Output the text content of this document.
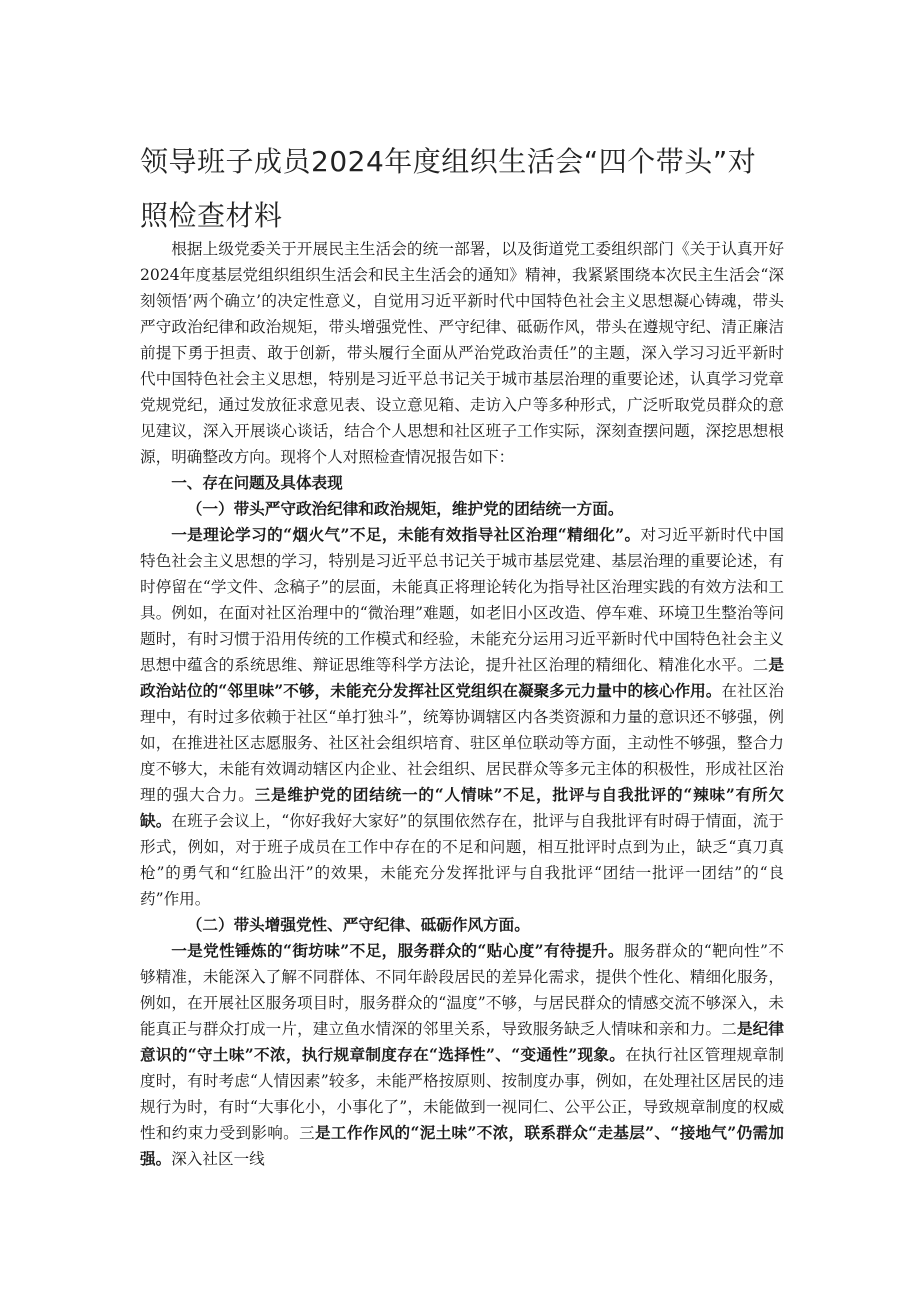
领导班子成员2024年度组织生活会“四个带头”对
照检查材料

根据上级党委关于开展民主生活会的统一部署，以及街道党工委组织部门《关于认真开好2024年度基层党组织组织生活会和民主生活会的通知》精神，我紧紧围绕本次民主生活会“深刻领悟’两个确立’的决定性意义，自觉用习近平新时代中国特色社会主义思想凝心铸魂，带头严守政治纪律和政治规矩，带头增强党性、严守纪律、砥砺作风，带头在遵规守纪、清正廉洁前提下勇于担责、敢于创新，带头履行全面从严治党政治责任”的主题，深入学习习近平新时代中国特色社会主义思想，特别是习近平总书记关于城市基层治理的重要论述，认真学习党章党规党纪，通过发放征求意见表、设立意见箱、走访入户等多种形式，广泛听取党员群众的意见建议，深入开展谈心谈话，结合个人思想和社区班子工作实际，深刻查摆问题，深挖思想根源，明确整改方向。现将个人对照检查情况报告如下：

一、存在问题及具体表现

（一）带头严守政治纪律和政治规矩，维护党的团结统一方面。

一是理论学习的“烟火气”不足，未能有效指导社区治理“精细化”。对习近平新时代中国特色社会主义思想的学习，特别是习近平总书记关于城市基层党建、基层治理的重要论述，有时停留在“学文件、念稿子”的层面，未能真正将理论转化为指导社区治理实践的有效方法和工具。例如，在面对社区治理中的“微治理”难题，如老旧小区改造、停车难、环境卫生整治等问题时，有时习惯于沿用传统的工作模式和经验，未能充分运用习近平新时代中国特色社会主义思想中蕴含的系统思维、辩证思维等科学方法论，提升社区治理的精细化、精准化水平。二是政治站位的“邻里味”不够，未能充分发挥社区党组织在凝聚多元力量中的核心作用。在社区治理中，有时过多依赖于社区“单打独斗”，统筹协调辖区内各类资源和力量的意识还不够强，例如，在推进社区志愿服务、社区社会组织培育、驻区单位联动等方面，主动性不够强，整合力度不够大，未能有效调动辖区内企业、社会组织、居民群众等多元主体的积极性，形成社区治理的强大合力。三是维护党的团结统一的“人情味”不足，批评与自我批评的“辣味”有所欠缺。在班子会议上，“你好我好大家好”的氛围依然存在，批评与自我批评有时碍于情面，流于形式，例如，对于班子成员在工作中存在的不足和问题，相互批评时点到为止，缺乏“真刀真枪”的勇气和“红脸出汗”的效果，未能充分发挥批评与自我批评“团结一批评一团结”的“良药”作用。

（二）带头增强党性、严守纪律、砥砺作风方面。

一是党性锤炼的“街坊味”不足，服务群众的“贴心度”有待提升。服务群众的“靶向性”不够精准，未能深入了解不同群体、不同年龄段居民的差异化需求，提供个性化、精细化服务，例如，在开展社区服务项目时，服务群众的“温度”不够，与居民群众的情感交流不够深入，未能真正与群众打成一片，建立鱼水情深的邻里关系，导致服务缺乏人情味和亲和力。二是纪律意识的“守土味”不浓，执行规章制度存在“选择性”、“变通性”现象。在执行社区管理规章制度时，有时考虑“人情因素”较多，未能严格按原则、按制度办事，例如，在处理社区居民的违规行为时，有时“大事化小，小事化了”，未能做到一视同仁、公平公正，导致规章制度的权威性和约束力受到影响。三是工作作风的“泥土味”不浓，联系群众“走基层”、“接地气”仍需加强。深入社区一线
